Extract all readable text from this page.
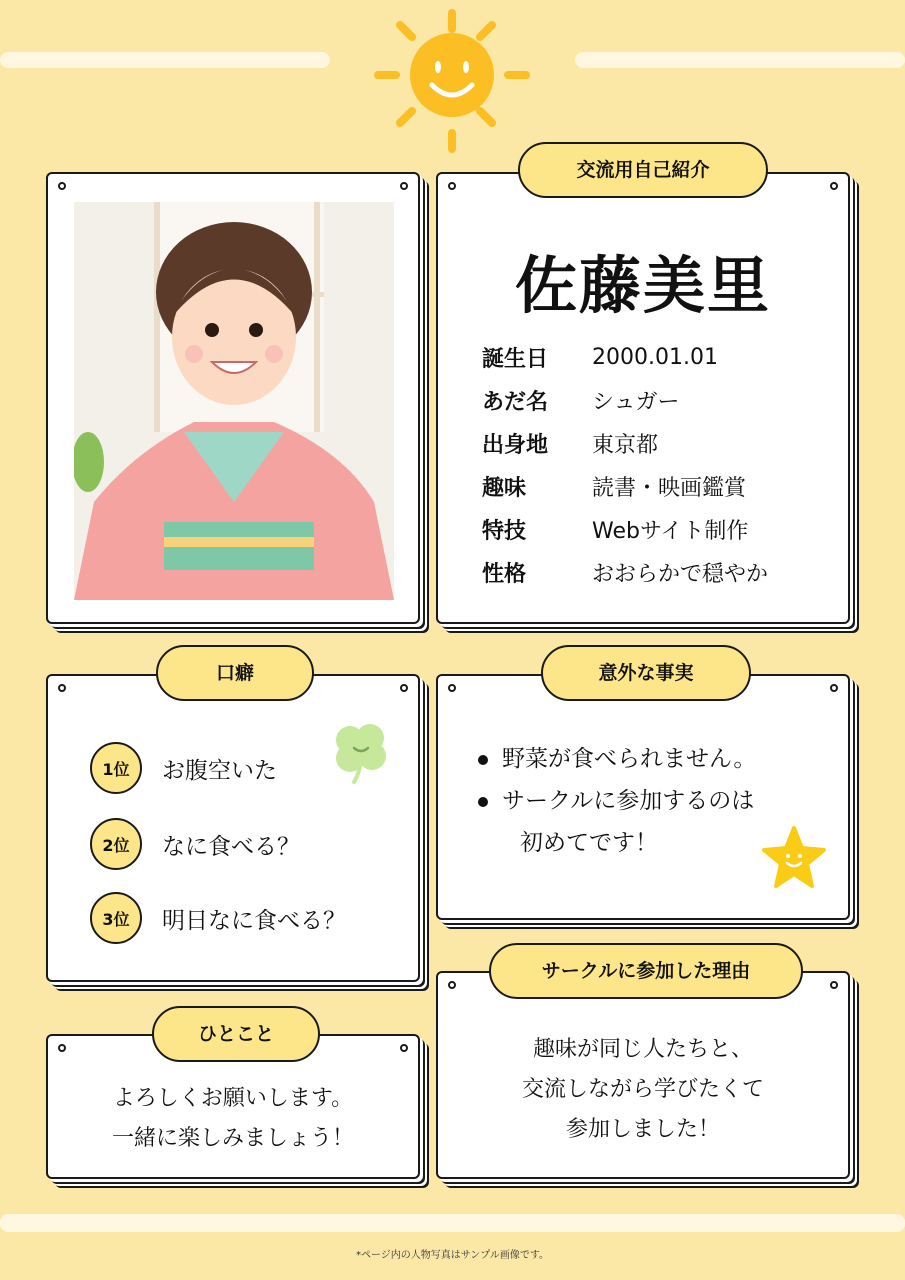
佐藤美里
誕生日	2000.01.01
あだ名	シュガー
出身地	東京都
趣味	読書・映画鑑賞
特技	Webサイト制作
性格	おおらかで穏やか
交流用自己紹介
1位	お腹空いた
2位	なに食べる？
3位	明日なに食べる？
口癖
野菜が食べられません。
サークルに参加するのは
初めてです！
意外な事実
趣味が同じ人たちと、
交流しながら学びたくて
参加しました！
サークルに参加した理由
よろしくお願いします。
一緒に楽しみましょう！
ひとこと
*ページ内の人物写真はサンプル画像です。
